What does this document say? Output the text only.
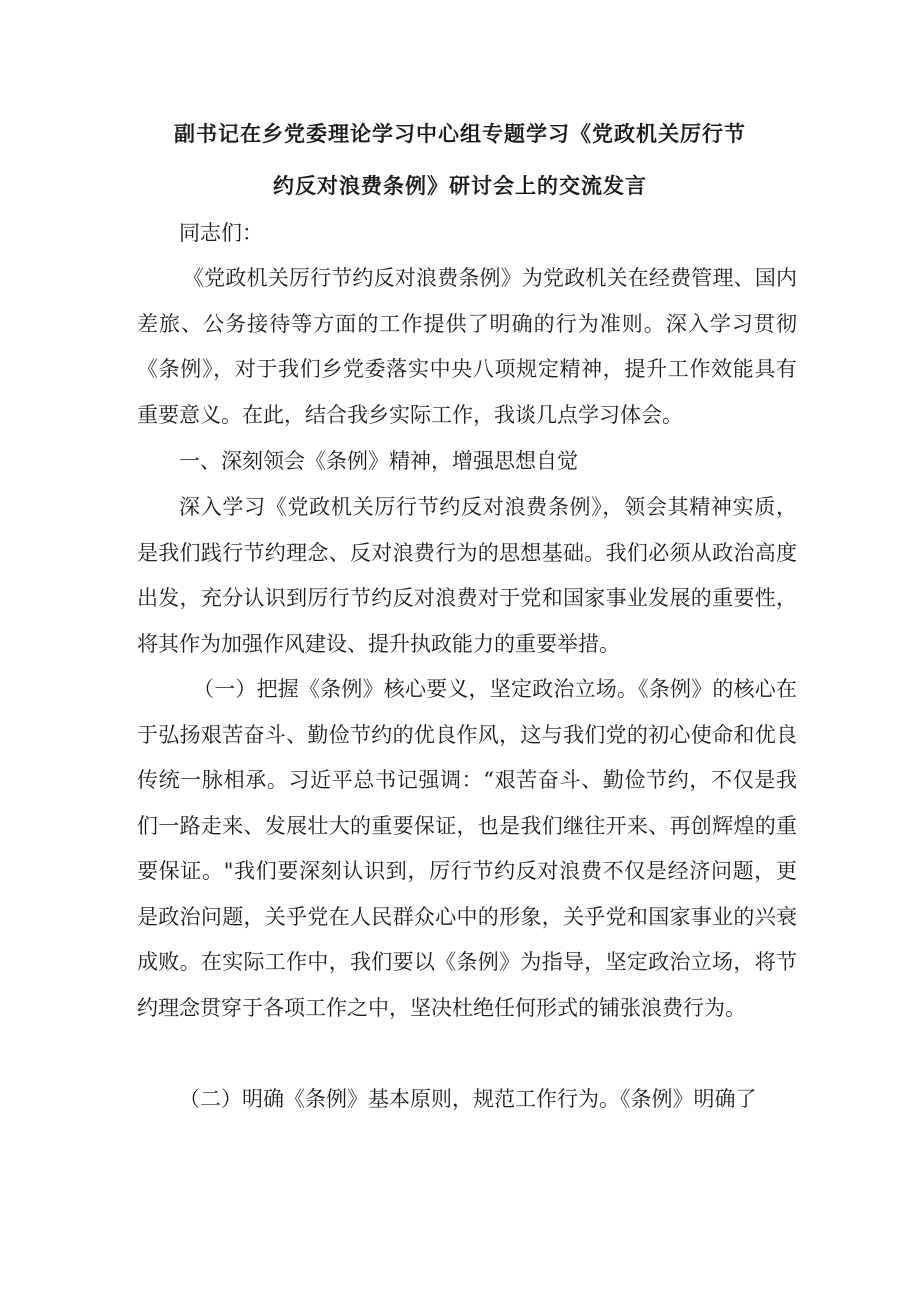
副书记在乡党委理论学习中心组专题学习《党政机关厉行节
约反对浪费条例》研讨会上的交流发言
同志们：
《党政机关厉行节约反对浪费条例》为党政机关在经费管理、国内差旅、公务接待等方面的工作提供了明确的行为准则。深入学习贯彻《条例》，对于我们乡党委落实中央八项规定精神，提升工作效能具有重要意义。在此，结合我乡实际工作，我谈几点学习体会。
一、深刻领会《条例》精神，增强思想自觉
深入学习《党政机关厉行节约反对浪费条例》，领会其精神实质，是我们践行节约理念、反对浪费行为的思想基础。我们必须从政治高度出发，充分认识到厉行节约反对浪费对于党和国家事业发展的重要性，将其作为加强作风建设、提升执政能力的重要举措。
（一）把握《条例》核心要义，坚定政治立场。《条例》的核心在于弘扬艰苦奋斗、勤俭节约的优良作风，这与我们党的初心使命和优良传统一脉相承。习近平总书记强调：“艰苦奋斗、勤俭节约，不仅是我们一路走来、发展壮大的重要保证，也是我们继往开来、再创辉煌的重要保证。"我们要深刻认识到，厉行节约反对浪费不仅是经济问题，更是政治问题，关乎党在人民群众心中的形象，关乎党和国家事业的兴衰成败。在实际工作中，我们要以《条例》为指导，坚定政治立场，将节约理念贯穿于各项工作之中，坚决杜绝任何形式的铺张浪费行为。
（二）明确《条例》基本原则，规范工作行为。《条例》明确了
